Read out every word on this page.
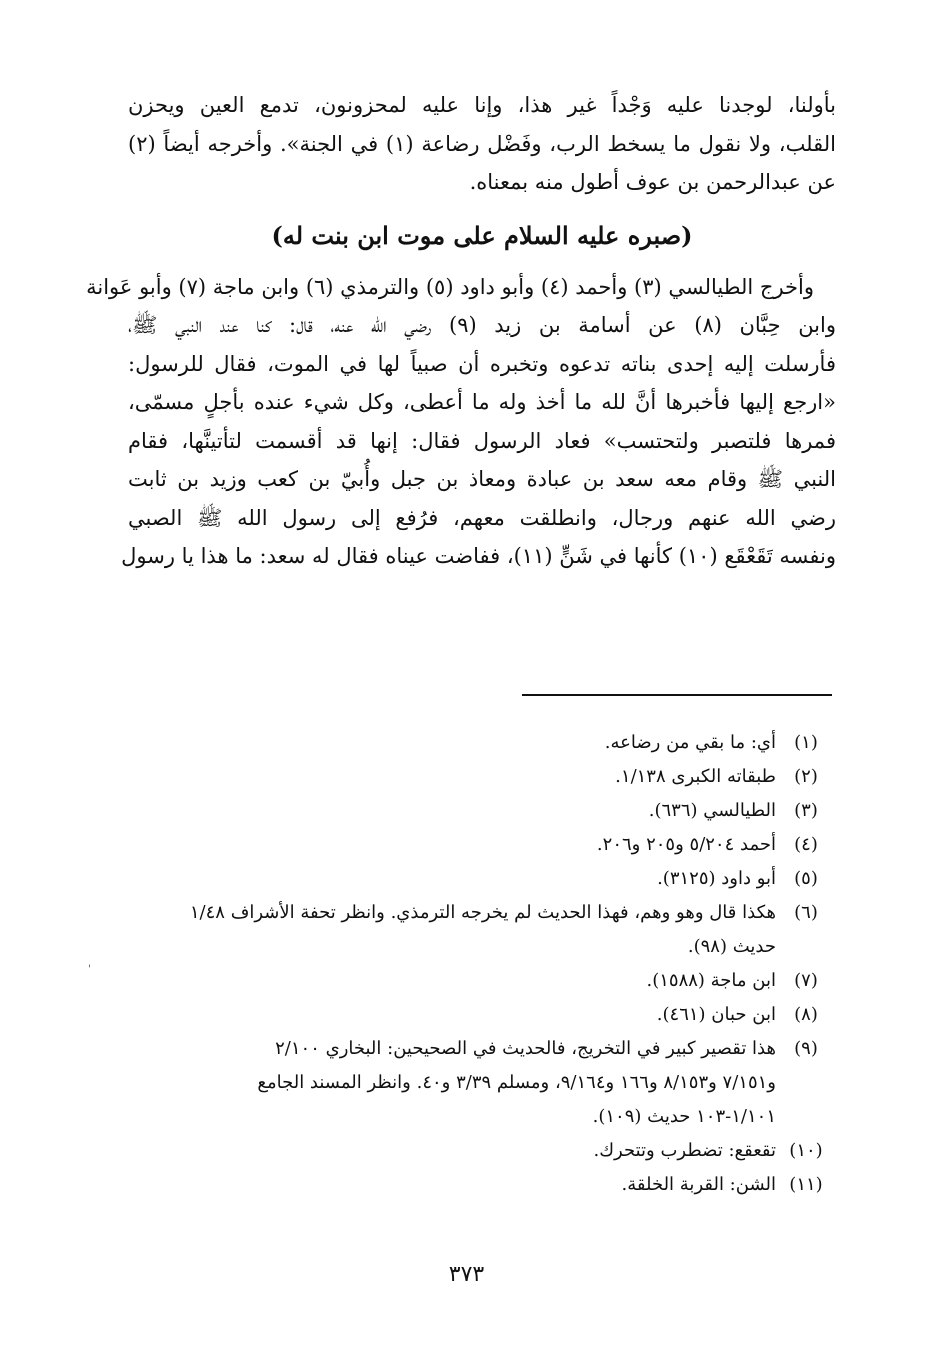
بأولنا، لوجدنا عليه وَجْداً غير هذا، وإنا عليه لمحزونون، تدمع العين ويحزن
القلب، ولا نقول ما يسخط الرب، وفَضْل رضاعة (١) في الجنة». وأخرجه أيضاً (٢)
عن عبدالرحمن بن عوف أطول منه بمعناه.
(صبره عليه السلام على موت ابن بنت له)
وأخرج الطيالسي (٣) وأحمد (٤) وأبو داود (٥) والترمذي (٦) وابن ماجة (٧) وأبو عَوانة
وابن حِبَّان (٨) عن أسامة بن زيد (٩) رضي الله عنه، قال: كنا عند النبي ﷺ،
فأرسلت إليه إحدى بناته تدعوه وتخبره أن صبياً لها في الموت، فقال للرسول:
«ارجع إليها فأخبرها أنَّ لله ما أخذ وله ما أعطى، وكل شيء عنده بأجلٍ مسمّى،
فمرها فلتصبر ولتحتسب» فعاد الرسول فقال: إنها قد أقسمت لتأتينَّها، فقام
النبي ﷺ وقام معه سعد بن عبادة ومعاذ بن جبل وأُبيّ بن كعب وزيد بن ثابت
رضي الله عنهم ورجال، وانطلقت معهم، فرُفع إلى رسول الله ﷺ الصبي
ونفسه تَقَعْقَع (١٠) كأنها في شَنٍّ (١١)، ففاضت عيناه فقال له سعد: ما هذا يا رسول
(١)
أي: ما بقي من رضاعه.
(٢)
طبقاته الكبرى ١/١٣٨.
(٣)
الطيالسي (٦٣٦).
(٤)
أحمد ٥/٢٠٤ و٢٠٥ و٢٠٦.
(٥)
أبو داود (٣١٢٥).
(٦)
هكذا قال وهو وهم، فهذا الحديث لم يخرجه الترمذي. وانظر تحفة الأشراف ١/٤٨
حديث (٩٨).
(٧)
ابن ماجة (١٥٨٨).
(٨)
ابن حبان (٤٦١).
(٩)
هذا تقصير كبير في التخريج، فالحديث في الصحيحين: البخاري ٢/١٠٠
و٧/١٥١ و٨/١٥٣ و١٦٦ و٩/١٦٤، ومسلم ٣/٣٩ و٤٠. وانظر المسند الجامع
١/١٠١-١٠٣ حديث (١٠٩).
(١٠)
تقعقع: تضطرب وتتحرك.
(١١)
الشن: القربة الخلقة.
٣٧٣
'
